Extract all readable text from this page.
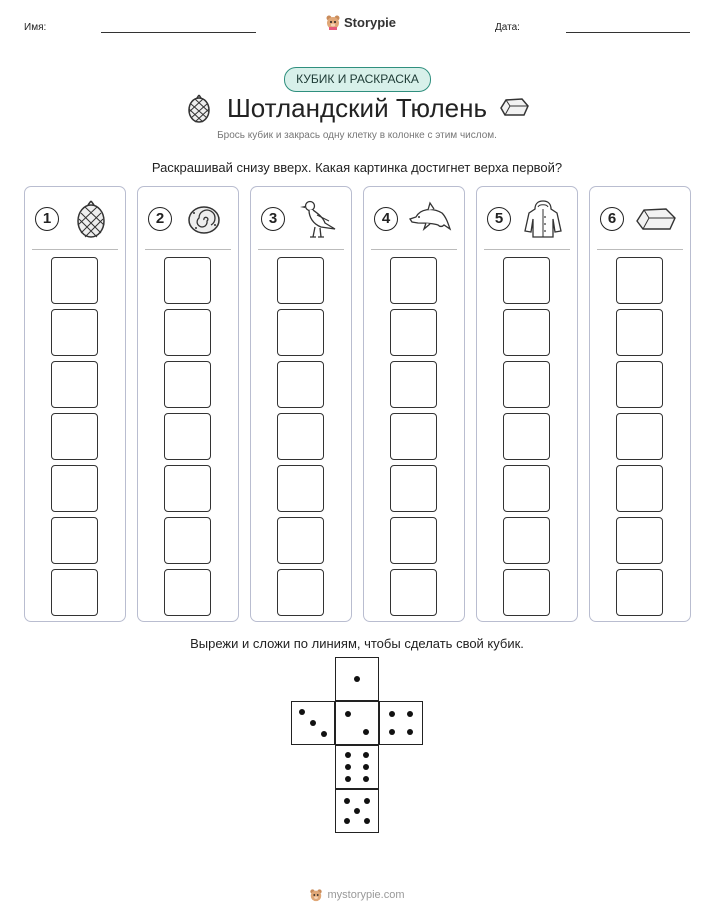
Имя:	Storypie	Дата:
КУБИК И РАСКРАСКА
Шотландский Тюлень
Брось кубик и закрась одну клетку в колонке с этим числом.
Раскрашивай снизу вверх. Какая картинка достигнет верха первой?
1	2	3	4	5	6
Вырежи и сложи по линиям, чтобы сделать свой кубик.
mystorypie.com
